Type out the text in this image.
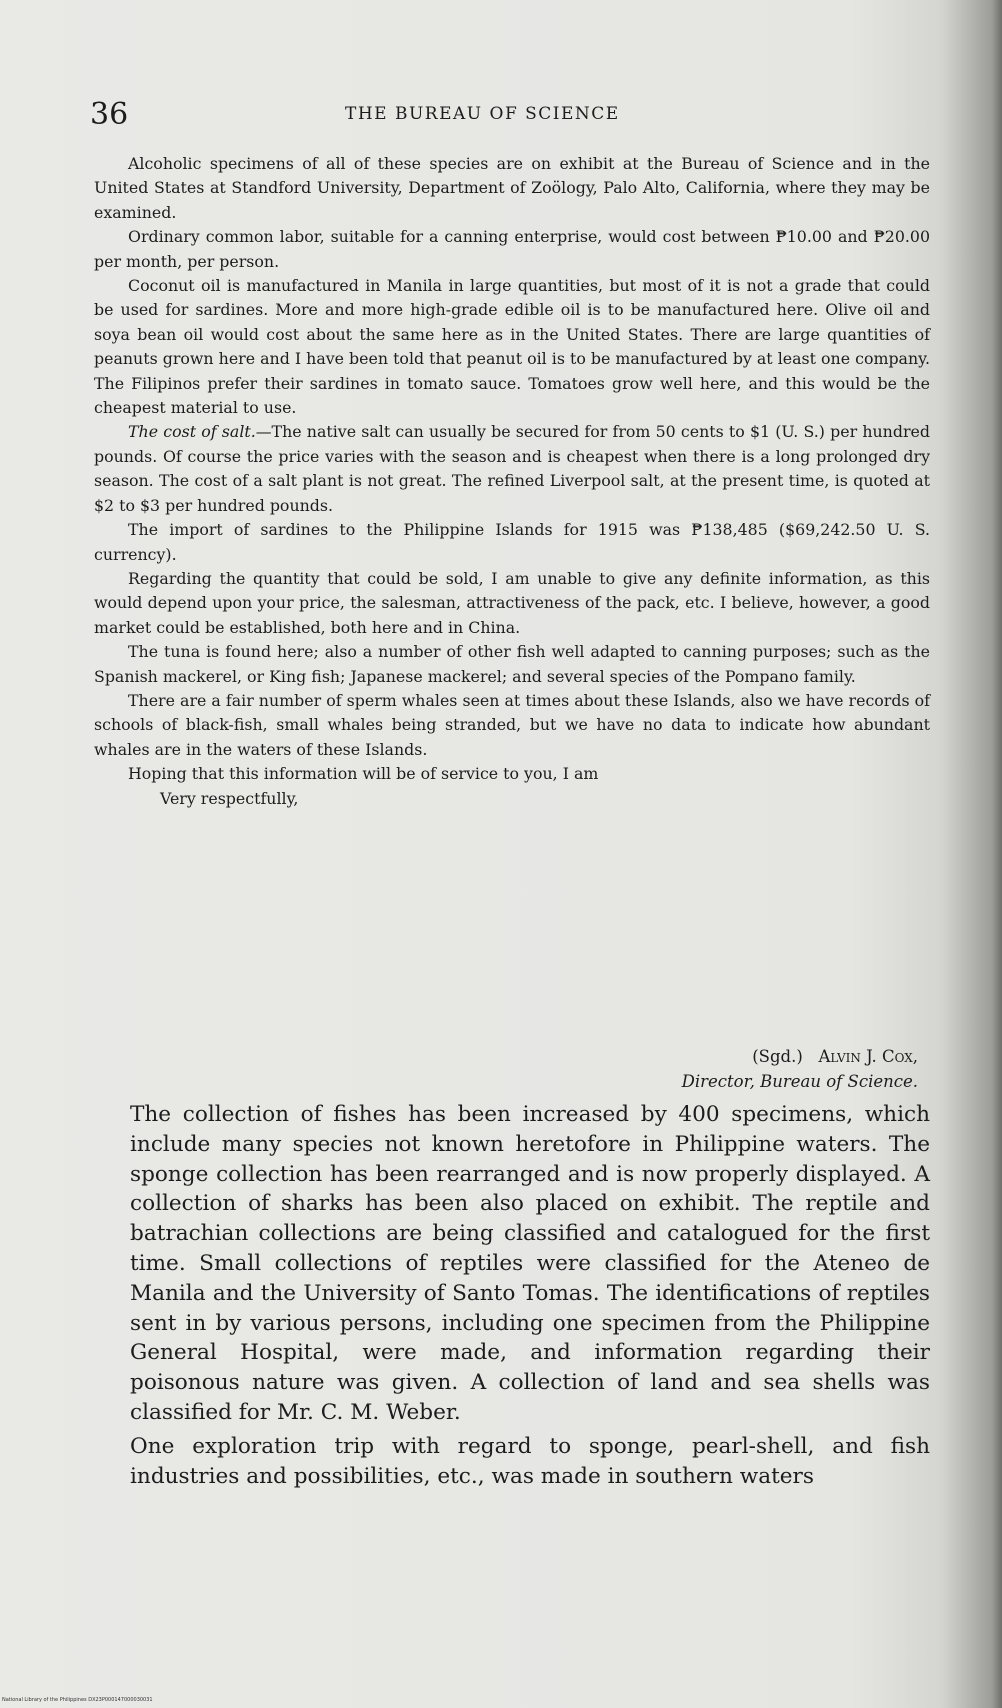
36	THE BUREAU OF SCIENCE

Alcoholic specimens of all of these species are on exhibit at the Bureau of Science and in the United States at Standford University, Department of Zoölogy, Palo Alto, California, where they may be examined.

Ordinary common labor, suitable for a canning enterprise, would cost between ₱10.00 and ₱20.00 per month, per person.

Coconut oil is manufactured in Manila in large quantities, but most of it is not a grade that could be used for sardines. More and more high-grade edible oil is to be manufactured here. Olive oil and soya bean oil would cost about the same here as in the United States. There are large quantities of peanuts grown here and I have been told that peanut oil is to be manufactured by at least one company. The Filipinos prefer their sardines in tomato sauce. Tomatoes grow well here, and this would be the cheapest material to use.

The cost of salt.—The native salt can usually be secured for from 50 cents to $1 (U. S.) per hundred pounds. Of course the price varies with the season and is cheapest when there is a long prolonged dry season. The cost of a salt plant is not great. The refined Liverpool salt, at the present time, is quoted at $2 to $3 per hundred pounds.

The import of sardines to the Philippine Islands for 1915 was ₱138,485 ($69,242.50 U. S. currency).

Regarding the quantity that could be sold, I am unable to give any definite information, as this would depend upon your price, the salesman, attractiveness of the pack, etc. I believe, however, a good market could be established, both here and in China.

The tuna is found here; also a number of other fish well adapted to canning purposes; such as the Spanish mackerel, or King fish; Japanese mackerel; and several species of the Pompano family.

There are a fair number of sperm whales seen at times about these Islands, also we have records of schools of black-fish, small whales being stranded, but we have no data to indicate how abundant whales are in the waters of these Islands.

Hoping that this information will be of service to you, I am
Very respectfully,
(Sgd.) Alvin J. Cox,
Director, Bureau of Science.

The collection of fishes has been increased by 400 specimens, which include many species not known heretofore in Philippine waters. The sponge collection has been rearranged and is now properly displayed. A collection of sharks has been also placed on exhibit. The reptile and batrachian collections are being classified and catalogued for the first time. Small collections of reptiles were classified for the Ateneo de Manila and the University of Santo Tomas. The identifications of reptiles sent in by various persons, including one specimen from the Philippine General Hospital, were made, and information regarding their poisonous nature was given. A collection of land and sea shells was classified for Mr. C. M. Weber.

One exploration trip with regard to sponge, pearl-shell, and fish industries and possibilities, etc., was made in southern waters

National Library of the Philippines DX23P000147000030031
